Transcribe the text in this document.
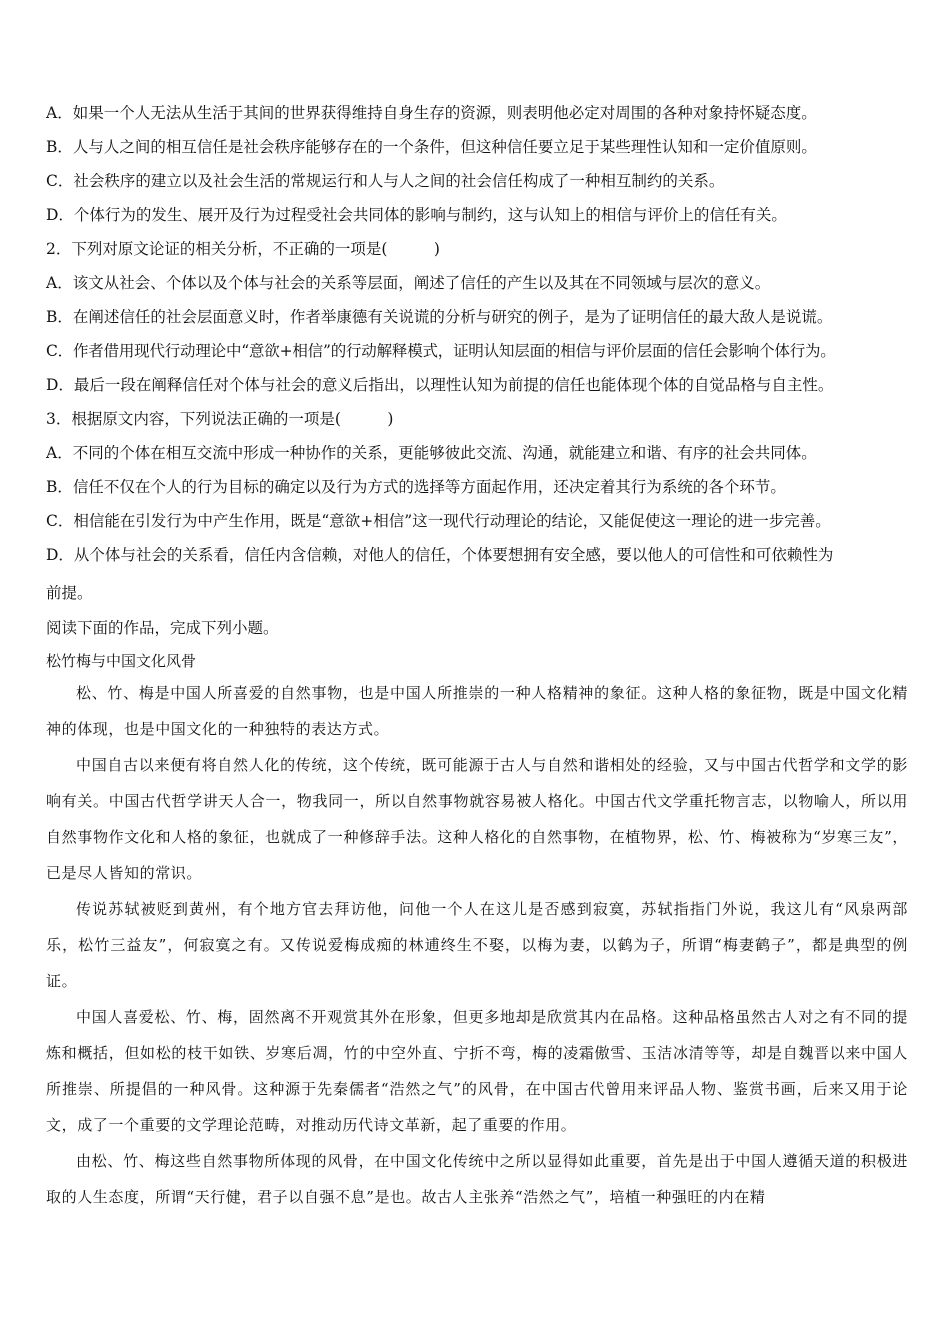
A．如果一个人无法从生活于其间的世界获得维持自身生存的资源，则表明他必定对周围的各种对象持怀疑态度。
B．人与人之间的相互信任是社会秩序能够存在的一个条件，但这种信任要立足于某些理性认知和一定价值原则。
C．社会秩序的建立以及社会生活的常规运行和人与人之间的社会信任构成了一种相互制约的关系。
D．个体行为的发生、展开及行为过程受社会共同体的影响与制约，这与认知上的相信与评价上的信任有关。
2．下列对原文论证的相关分析，不正确的一项是(　　　)
A．该文从社会、个体以及个体与社会的关系等层面，阐述了信任的产生以及其在不同领域与层次的意义。
B．在阐述信任的社会层面意义时，作者举康德有关说谎的分析与研究的例子，是为了证明信任的最大敌人是说谎。
C．作者借用现代行动理论中“意欲+相信”的行动解释模式，证明认知层面的相信与评价层面的信任会影响个体行为。
D．最后一段在阐释信任对个体与社会的意义后指出，以理性认知为前提的信任也能体现个体的自觉品格与自主性。
3．根据原文内容，下列说法正确的一项是(　　　)
A．不同的个体在相互交流中形成一种协作的关系，更能够彼此交流、沟通，就能建立和谐、有序的社会共同体。
B．信任不仅在个人的行为目标的确定以及行为方式的选择等方面起作用，还决定着其行为系统的各个环节。
C．相信能在引发行为中产生作用，既是“意欲+相信”这一现代行动理论的结论，又能促使这一理论的进一步完善。
D．从个体与社会的关系看，信任内含信赖，对他人的信任，个体要想拥有安全感，要以他人的可信性和可依赖性为
前提。
阅读下面的作品，完成下列小题。
松竹梅与中国文化风骨

松、竹、梅是中国人所喜爱的自然事物，也是中国人所推崇的一种人格精神的象征。这种人格的象征物，既是中国文化精神的体现，也是中国文化的一种独特的表达方式。

中国自古以来便有将自然人化的传统，这个传统，既可能源于古人与自然和谐相处的经验，又与中国古代哲学和文学的影响有关。中国古代哲学讲天人合一，物我同一，所以自然事物就容易被人格化。中国古代文学重托物言志，以物喻人，所以用自然事物作文化和人格的象征，也就成了一种修辞手法。这种人格化的自然事物，在植物界，松、竹、梅被称为“岁寒三友”，已是尽人皆知的常识。

传说苏轼被贬到黄州，有个地方官去拜访他，问他一个人在这儿是否感到寂寞，苏轼指指门外说，我这儿有“风泉两部乐，松竹三益友”，何寂寞之有。又传说爱梅成痴的林逋终生不娶，以梅为妻，以鹤为子，所谓“梅妻鹤子”，都是典型的例证。

中国人喜爱松、竹、梅，固然离不开观赏其外在形象，但更多地却是欣赏其内在品格。这种品格虽然古人对之有不同的提炼和概括，但如松的枝干如铁、岁寒后凋，竹的中空外直、宁折不弯，梅的凌霜傲雪、玉洁冰清等等，却是自魏晋以来中国人所推崇、所提倡的一种风骨。这种源于先秦儒者“浩然之气”的风骨，在中国古代曾用来评品人物、鉴赏书画，后来又用于论文，成了一个重要的文学理论范畴，对推动历代诗文革新，起了重要的作用。

由松、竹、梅这些自然事物所体现的风骨，在中国文化传统中之所以显得如此重要，首先是出于中国人遵循天道的积极进取的人生态度，所谓“天行健，君子以自强不息”是也。故古人主张养“浩然之气”，培植一种强旺的内在精
